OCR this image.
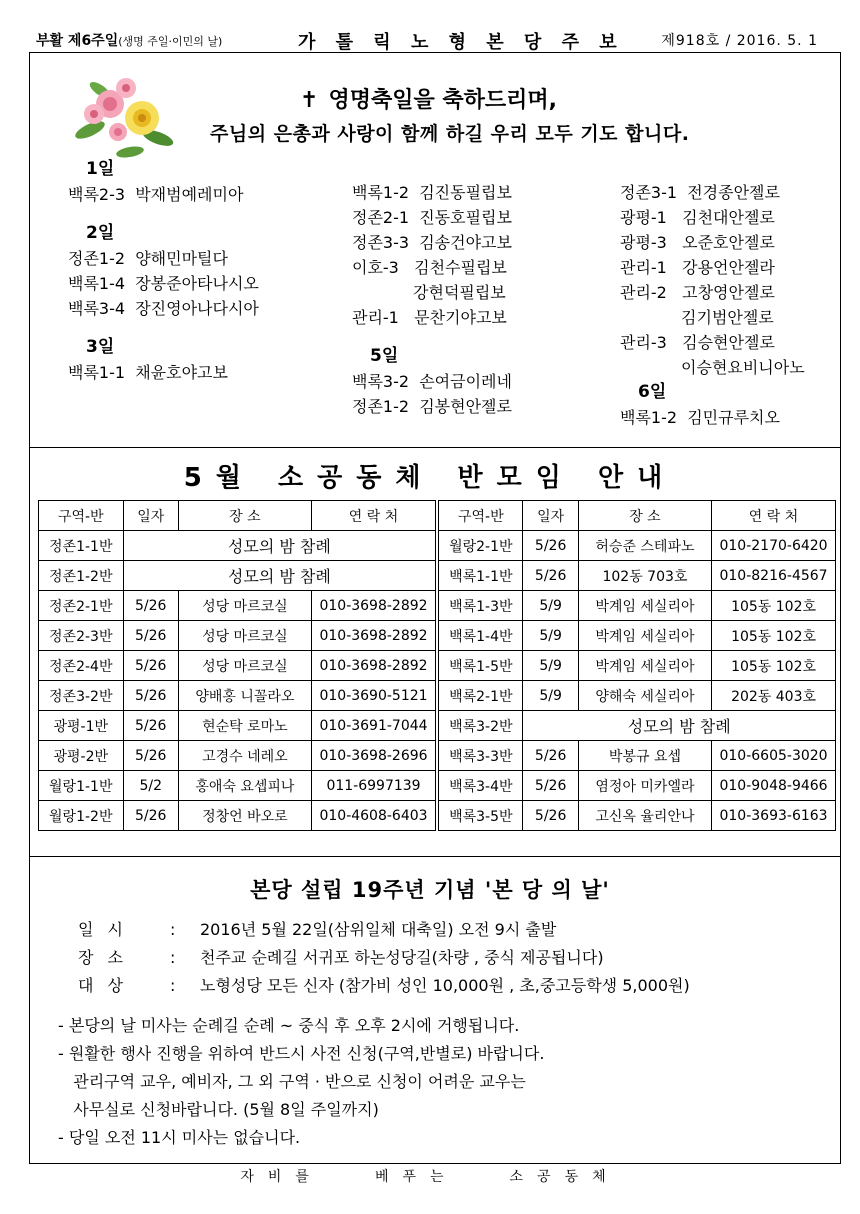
부활 제6주일(생명 주일·이민의 날)	가 톨 릭 노 형 본 당 주 보	제918호 / 2016. 5. 1
✝ 영명축일을 축하드리며,
주님의 은총과 사랑이 함께 하길 우리 모두 기도 합니다.
1일
백록2-3  박재범예레미아
2일
정존1-2  양해민마틸다
백록1-4  장봉준아타나시오
백록3-4  장진영아나다시아
3일
백록1-1  채윤호야고보
백록1-2  김진동필립보
정존2-1  진동호필립보
정존3-3  김송건야고보
이호-3   김천수필립보
강현덕필립보
관리-1   문찬기야고보
5일
백록3-2  손여금이레네
정존1-2  김봉현안젤로
정존3-1  전경종안젤로
광평-1   김천대안젤로
광평-3   오준호안젤로
관리-1   강용언안젤라
관리-2   고창영안젤로
김기범안젤로
관리-3   김승현안젤로
이승현요비니아노
6일
백록1-2  김민규루치오
5월 소공동체 반모임 안내
구역-반	일자	장 소	연 락 처		구역-반	일자	장 소	연 락 처
정존1-1반	성모의 밤 참례				월랑2-1반	5/26	허승준 스테파노	010-2170-6420
정존1-2반	성모의 밤 참례				백록1-1반	5/26	102동 703호	010-8216-4567
정존2-1반	5/26	성당 마르코실	010-3698-2892		백록1-3반	5/9	박계임 세실리아	105동 102호
정존2-3반	5/26	성당 마르코실	010-3698-2892		백록1-4반	5/9	박계임 세실리아	105동 102호
정존2-4반	5/26	성당 마르코실	010-3698-2892		백록1-5반	5/9	박계임 세실리아	105동 102호
정존3-2반	5/26	양배홍 니꼴라오	010-3690-5121		백록2-1반	5/9	양해숙 세실리아	202동 403호
광평-1반	5/26	현순탁 로마노	010-3691-7044		백록3-2반	성모의 밤 참례		
광평-2반	5/26	고경수 네레오	010-3698-2696		백록3-3반	5/26	박봉규 요셉	010-6605-3020
월랑1-1반	5/2	홍애숙 요셉피나	011-6997139		백록3-4반	5/26	염정아 미카엘라	010-9048-9466
월랑1-2반	5/26	정창언 바오로	010-4608-6403		백록3-5반	5/26	고신옥 율리안나	010-3693-6163
본당 설립 19주년 기념 '본 당 의 날'
일시 : 2016년 5월 22일(삼위일체 대축일) 오전 9시 출발
장소 : 천주교 순례길 서귀포 하논성당길(차량 , 중식 제공됩니다)
대상 : 노형성당 모든 신자 (참가비 성인 10,000원 , 초,중고등학생 5,000원)
- 본당의 날 미사는 순례길 순례 ~ 중식 후 오후 2시에 거행됩니다.
- 원활한 행사 진행을 위하여 반드시 사전 신청(구역,반별로) 바랍니다.
관리구역 교우, 예비자, 그 외 구역 · 반으로 신청이 어려운 교우는
사무실로 신청바랍니다. (5월 8일 주일까지)
- 당일 오전 11시 미사는 없습니다.
자비를	베푸는	소공동체
